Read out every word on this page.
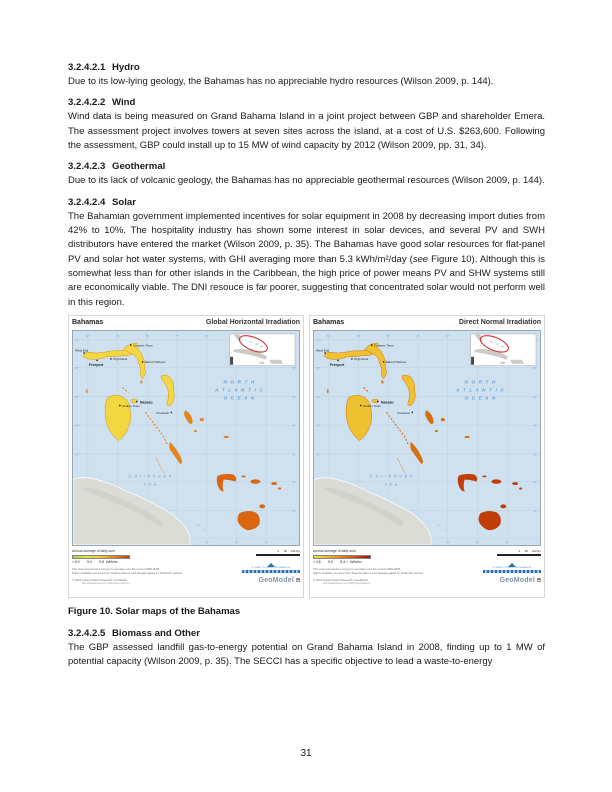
3.2.4.2.1 Hydro

Due to its low-lying geology, the Bahamas has no appreciable hydro resources (Wilson 2009, p. 144).

3.2.4.2.2 Wind

Wind data is being measured on Grand Bahama Island in a joint project between GBP and shareholder Emera. The assessment project involves towers at seven sites across the island, at a cost of U.S. $263,600. Following the assessment, GBP could install up to 15 MW of wind capacity by 2012 (Wilson 2009, pp. 31, 34).

3.2.4.2.3 Geothermal

Due to its lack of volcanic geology, the Bahamas has no appreciable geothermal resources (Wilson 2009, p. 144).

3.2.4.2.4 Solar

The Bahamian government implemented incentives for solar equipment in 2008 by decreasing import duties from 42% to 10%. The hospitality industry has shown some interest in solar devices, and several PV and SWH distributors have entered the market (Wilson 2009, p. 35). The Bahamas have good solar resources for flat-panel PV and solar hot water systems, with GHI averaging more than 5.3 kWh/m²/day (see Figure 10). Although this is somewhat less than for other islands in the Caribbean, the high price of power means PV and SHW systems still are economically viable. The DNI resouce is far poorer, suggesting that concentrated solar would not perform well in this region.

Bahamas	Global Horizontal Irradiation
27°
26°
25°
24°
23°
26°
25°
24°
23°
22°
21°
80°	79°	78°	77°	76°
76°	75°	74°
N O R T H
A T L A N T I C
O C E A N
C a r i b b e a n
s e a
West End
Freeport
High Rock
Coopers Town
Marsh Harbour
Nassau
Andros Town
Freetown
Annual average of daily sum
< 5.0        5.4        5.8  kWh/m²
The map represents a long-term average over the period 1999-2005.
Solar irradiation sourced from SolarAnywhere and disaggregated by SolarGIS method
© 2010 Clean Power Research, GeoModel
http://cleanpower.com http://geomodel.eu
0      50     100 km
CLEAN POWER RESEARCH
GeoModel
Bahamas	Direct Normal Irradiation
27°
26°
25°
24°
23°
26°
25°
24°
23°
22°
21°
80°	79°	78°	77°	76°
76°	75°	74°
N O R T H
A T L A N T I C
O C E A N
C a r i b b e a n
s e a
West End
Freeport
High Rock
Coopers Town
Marsh Harbour
Nassau
Andros Town
Freetown
Annual average of daily sum
< 4.6        5.0        5.4 <  kWh/m²
The map represents a long-term average over the period 1999-2005.
Solar irradiation sourced from SolarAnywhere and disaggregated by SolarGIS method
© 2010 Clean Power Research, GeoModel
http://cleanpower.com http://geomodel.eu
0      50     100 km
CLEAN POWER RESEARCH
GeoModel
Figure 10. Solar maps of the Bahamas
3.2.4.2.5 Biomass and Other

The GBP assessed landfill gas-to-energy potential on Grand Bahama Island in 2008, finding up to 1 MW of potential capacity (Wilson 2009, p. 35). The SECCI has a specific objective to lead a waste-to-energy

31
